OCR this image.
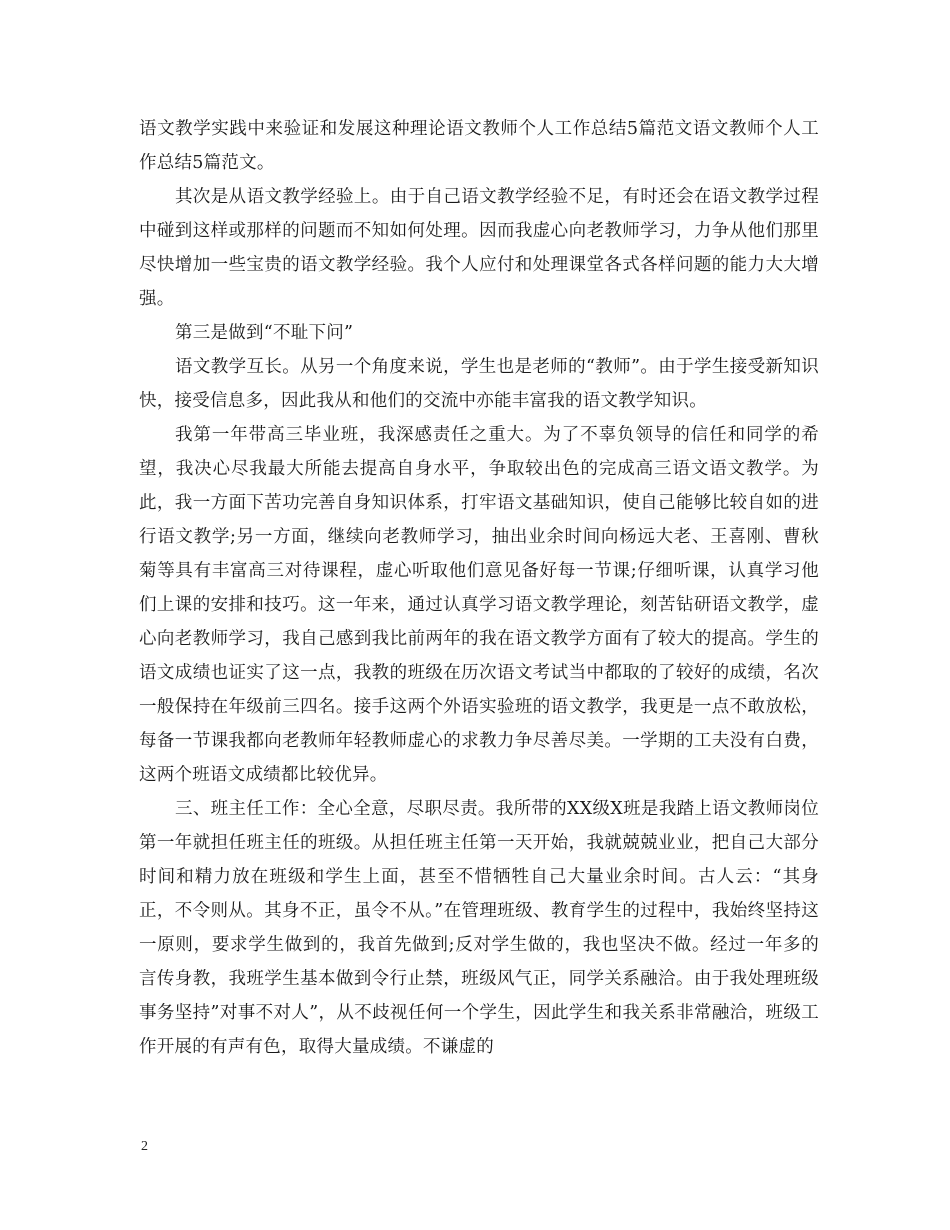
语文教学实践中来验证和发展这种理论语文教师个人工作总结5篇范文语文教师个人工作总结5篇范文。

其次是从语文教学经验上。由于自己语文教学经验不足，有时还会在语文教学过程中碰到这样或那样的问题而不知如何处理。因而我虚心向老教师学习，力争从他们那里尽快增加一些宝贵的语文教学经验。我个人应付和处理课堂各式各样问题的能力大大增强。

第三是做到“不耻下问”

语文教学互长。从另一个角度来说，学生也是老师的“教师”。由于学生接受新知识快，接受信息多，因此我从和他们的交流中亦能丰富我的语文教学知识。

我第一年带高三毕业班，我深感责任之重大。为了不辜负领导的信任和同学的希望，我决心尽我最大所能去提高自身水平，争取较出色的完成高三语文语文教学。为此，我一方面下苦功完善自身知识体系，打牢语文基础知识，使自己能够比较自如的进行语文教学;另一方面，继续向老教师学习，抽出业余时间向杨远大老、王喜刚、曹秋菊等具有丰富高三对待课程，虚心听取他们意见备好每一节课;仔细听课，认真学习他们上课的安排和技巧。这一年来，通过认真学习语文教学理论，刻苦钻研语文教学，虚心向老教师学习，我自己感到我比前两年的我在语文教学方面有了较大的提高。学生的语文成绩也证实了这一点，我教的班级在历次语文考试当中都取的了较好的成绩，名次一般保持在年级前三四名。接手这两个外语实验班的语文教学，我更是一点不敢放松，每备一节课我都向老教师年轻教师虚心的求教力争尽善尽美。一学期的工夫没有白费，这两个班语文成绩都比较优异。

三、班主任工作：全心全意，尽职尽责。我所带的XX级X班是我踏上语文教师岗位第一年就担任班主任的班级。从担任班主任第一天开始，我就兢兢业业，把自己大部分时间和精力放在班级和学生上面，甚至不惜牺牲自己大量业余时间。古人云：“其身正，不令则从。其身不正，虽令不从。”在管理班级、教育学生的过程中，我始终坚持这一原则，要求学生做到的，我首先做到;反对学生做的，我也坚决不做。经过一年多的言传身教，我班学生基本做到令行止禁，班级风气正，同学关系融洽。由于我处理班级事务坚持”对事不对人”，从不歧视任何一个学生，因此学生和我关系非常融洽，班级工作开展的有声有色，取得大量成绩。不谦虚的

2
